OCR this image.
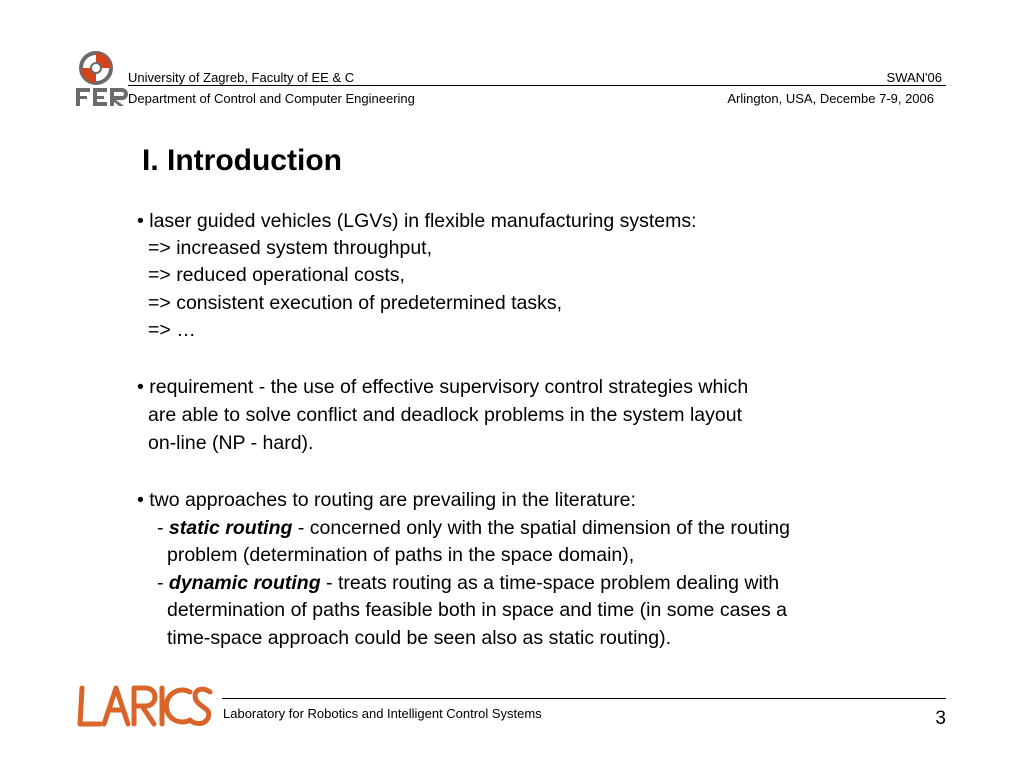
University of Zagreb, Faculty of EE & C	SWAN'06
Department of Control and Computer Engineering	Arlington, USA, Decembe 7-9, 2006
I. Introduction
• laser guided vehicles (LGVs) in flexible manufacturing systems:
=> increased system throughput,
=> reduced operational costs,
=> consistent execution of predetermined tasks,
=> …
• requirement - the use of effective supervisory control strategies which
are able to solve conflict and deadlock problems in the system layout
on-line (NP - hard).
• two approaches to routing are prevailing in the literature:
- static routing - concerned only with the spatial dimension of the routing
problem (determination of paths in the space domain),
- dynamic routing - treats routing as a time-space problem dealing with
determination of paths feasible both in space and time (in some cases a
time-space approach could be seen also as static routing).
Laboratory for Robotics and Intelligent Control Systems	3
